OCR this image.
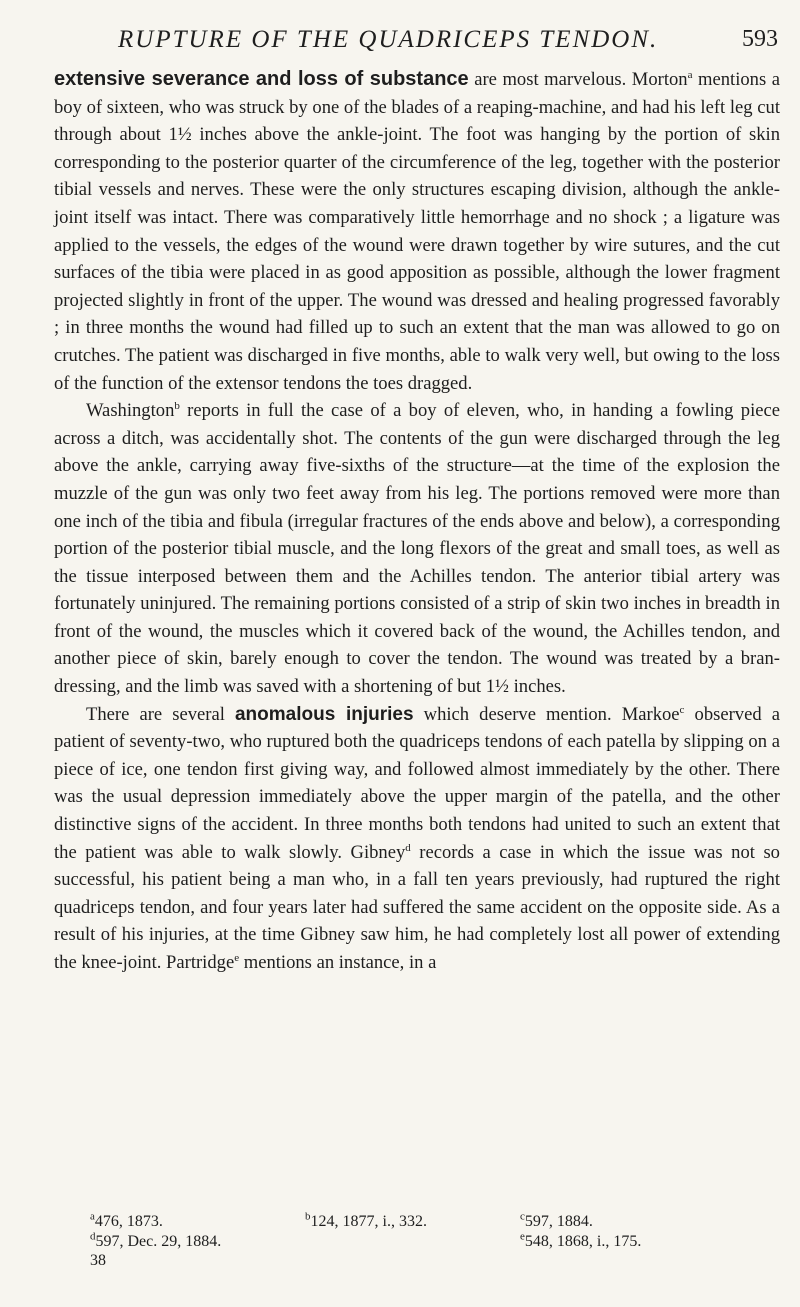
RUPTURE OF THE QUADRICEPS TENDON.	593

extensive severance and loss of substance are most marvelous. Morton$^a$ mentions a boy of sixteen, who was struck by one of the blades of a reaping-machine, and had his left leg cut through about 1½ inches above the ankle-joint. The foot was hanging by the portion of skin corresponding to the posterior quarter of the circumference of the leg, together with the posterior tibial vessels and nerves. These were the only structures escaping division, although the ankle-joint itself was intact. There was comparatively little hemorrhage and no shock ; a ligature was applied to the vessels, the edges of the wound were drawn together by wire sutures, and the cut surfaces of the tibia were placed in as good apposition as possible, although the lower fragment projected slightly in front of the upper. The wound was dressed and healing progressed favorably ; in three months the wound had filled up to such an extent that the man was allowed to go on crutches. The patient was discharged in five months, able to walk very well, but owing to the loss of the function of the extensor tendons the toes dragged.

Washington$^b$ reports in full the case of a boy of eleven, who, in handing a fowling piece across a ditch, was accidentally shot. The contents of the gun were discharged through the leg above the ankle, carrying away five-sixths of the structure—at the time of the explosion the muzzle of the gun was only two feet away from his leg. The portions removed were more than one inch of the tibia and fibula (irregular fractures of the ends above and below), a corresponding portion of the posterior tibial muscle, and the long flexors of the great and small toes, as well as the tissue interposed between them and the Achilles tendon. The anterior tibial artery was fortunately uninjured. The remaining portions consisted of a strip of skin two inches in breadth in front of the wound, the muscles which it covered back of the wound, the Achilles tendon, and another piece of skin, barely enough to cover the tendon. The wound was treated by a bran-dressing, and the limb was saved with a shortening of but 1½ inches.

There are several anomalous injuries which deserve mention. Markoe$^c$ observed a patient of seventy-two, who ruptured both the quadriceps tendons of each patella by slipping on a piece of ice, one tendon first giving way, and followed almost immediately by the other. There was the usual depression immediately above the upper margin of the patella, and the other distinctive signs of the accident. In three months both tendons had united to such an extent that the patient was able to walk slowly. Gibney$^d$ records a case in which the issue was not so successful, his patient being a man who, in a fall ten years previously, had ruptured the right quadriceps tendon, and four years later had suffered the same accident on the opposite side. As a result of his injuries, at the time Gibney saw him, he had completely lost all power of extending the knee-joint. Partridge$^e$ mentions an instance, in a

$^a$476, 1873.	$^b$124, 1877, i., 332.	$^c$597, 1884.
$^d$597, Dec. 29, 1884.	$^e$548, 1868, i., 175.
38
